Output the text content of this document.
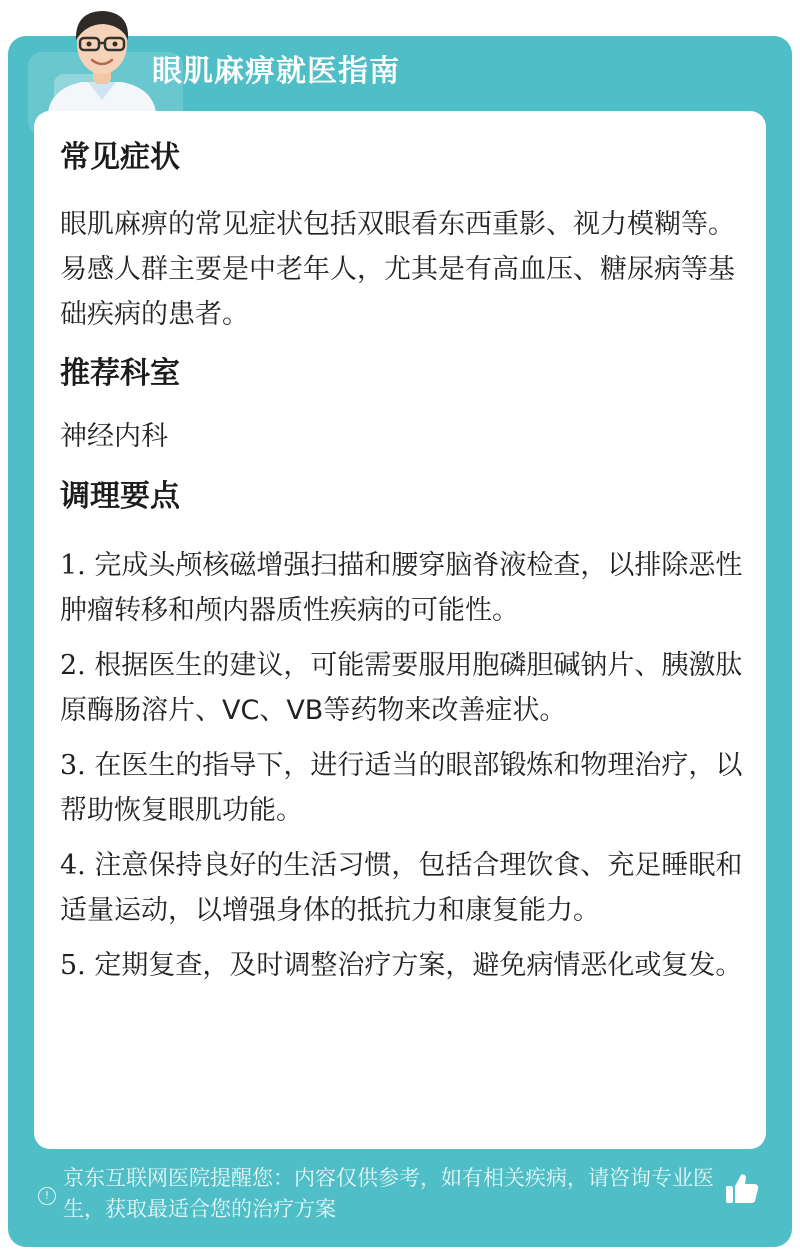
眼肌麻痹就医指南
常见症状

眼肌麻痹的常见症状包括双眼看东西重影、视力模糊等。易感人群主要是中老年人，尤其是有高血压、糖尿病等基础疾病的患者。

推荐科室

神经内科

调理要点

1. 完成头颅核磁增强扫描和腰穿脑脊液检查，以排除恶性肿瘤转移和颅内器质性疾病的可能性。

2. 根据医生的建议，可能需要服用胞磷胆碱钠片、胰激肽原酶肠溶片、VC、VB等药物来改善症状。

3. 在医生的指导下，进行适当的眼部锻炼和物理治疗，以帮助恢复眼肌功能。

4. 注意保持良好的生活习惯，包括合理饮食、充足睡眠和适量运动，以增强身体的抵抗力和康复能力。

5. 定期复查，及时调整治疗方案，避免病情恶化或复发。

!
京东互联网医院提醒您：内容仅供参考，如有相关疾病，请咨询专业医生，获取最适合您的治疗方案
